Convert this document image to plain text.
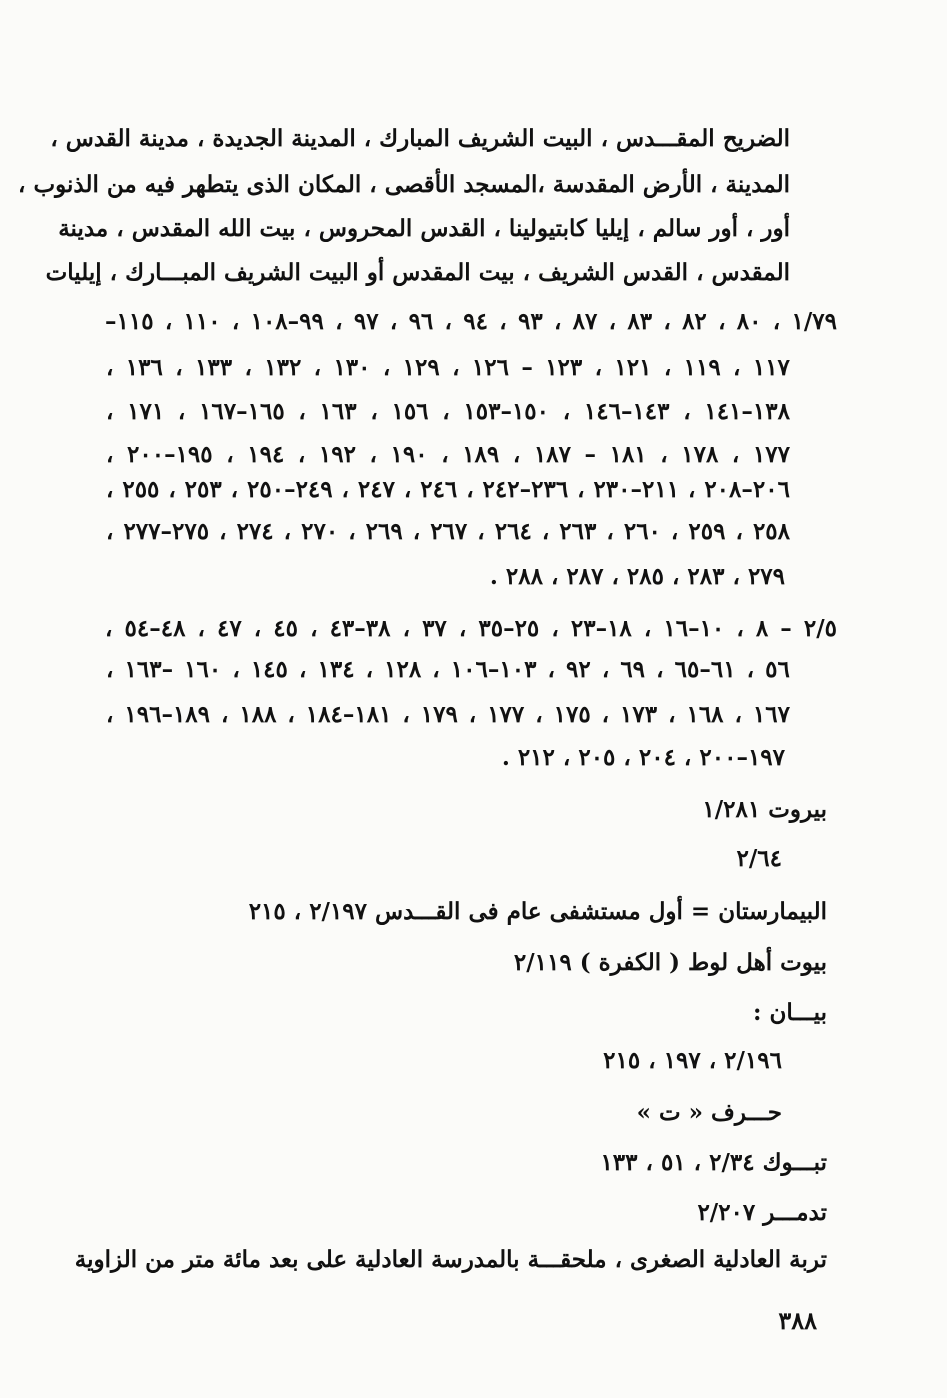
الضريح المقـــدس ، البيت الشريف المبارك ، المدينة الجديدة ، مدينة القدس ،
المدينة ، الأرض المقدسة ،المسجد الأقصى ، المكان الذى يتطهر فيه من الذنوب ،
أور ، أور سالم ، إيليا كابتيولينا ، القدس المحروس ، بيت الله المقدس ، مدينة
المقدس ، القدس الشريف ، بيت المقدس أو البيت الشريف المبـــارك ، إيليات
١/٧٩ ، ٨٠ ، ٨٢ ، ٨٣ ، ٨٧ ، ٩٣ ، ٩٤ ، ٩٦ ، ٩٧ ، ٩٩–١٠٨ ، ١١٠ ، ١١٥–
١١٧ ، ١١٩ ، ١٢١ ، ١٢٣ – ١٢٦ ، ١٢٩ ، ١٣٠ ، ١٣٢ ، ١٣٣ ، ١٣٦ ،
١٣٨–١٤١ ، ١٤٣–١٤٦ ، ١٥٠–١٥٣ ، ١٥٦ ، ١٦٣ ، ١٦٥–١٦٧ ، ١٧١ ،
١٧٧ ، ١٧٨ ، ١٨١ – ١٨٧ ، ١٨٩ ، ١٩٠ ، ١٩٢ ، ١٩٤ ، ١٩٥–٢٠٠ ،
٢٠٦–٢٠٨ ، ٢١١–٢٣٠ ، ٢٣٦–٢٤٢ ، ٢٤٦ ، ٢٤٧ ، ٢٤٩–٢٥٠ ، ٢٥٣ ، ٢٥٥ ،
٢٥٨ ، ٢٥٩ ، ٢٦٠ ، ٢٦٣ ، ٢٦٤ ، ٢٦٧ ، ٢٦٩ ، ٢٧٠ ، ٢٧٤ ، ٢٧٥–٢٧٧ ،
٢٧٩ ، ٢٨٣ ، ٢٨٥ ، ٢٨٧ ، ٢٨٨ .
٢/٥ – ٨ ، ١٠–١٦ ، ١٨–٢٣ ، ٢٥–٣٥ ، ٣٧ ، ٣٨–٤٣ ، ٤٥ ، ٤٧ ، ٤٨–٥٤ ،
٥٦ ، ٦١–٦٥ ، ٦٩ ، ٩٢ ، ١٠٣–١٠٦ ، ١٢٨ ، ١٣٤ ، ١٤٥ ، ١٦٠ –١٦٣ ،
١٦٧ ، ١٦٨ ، ١٧٣ ، ١٧٥ ، ١٧٧ ، ١٧٩ ، ١٨١–١٨٤ ، ١٨٨ ، ١٨٩–١٩٦ ،
١٩٧–٢٠٠ ، ٢٠٤ ، ٢٠٥ ، ٢١٢ .
بيروت ١/٢٨١
٢/٦٤
البيمارستان = أول مستشفى عام فى القـــدس ٢/١٩٧ ، ٢١٥
بيوت أهل لوط ( الكفرة ) ٢/١١٩
بيـــان :
٢/١٩٦ ، ١٩٧ ، ٢١٥
حـــرف « ت »
تبـــوك ٢/٣٤ ، ٥١ ، ١٣٣
تدمـــر ٢/٢٠٧
تربة العادلية الصغرى ، ملحقـــة بالمدرسة العادلية على بعد مائة متر من الزاوية
٣٨٨
